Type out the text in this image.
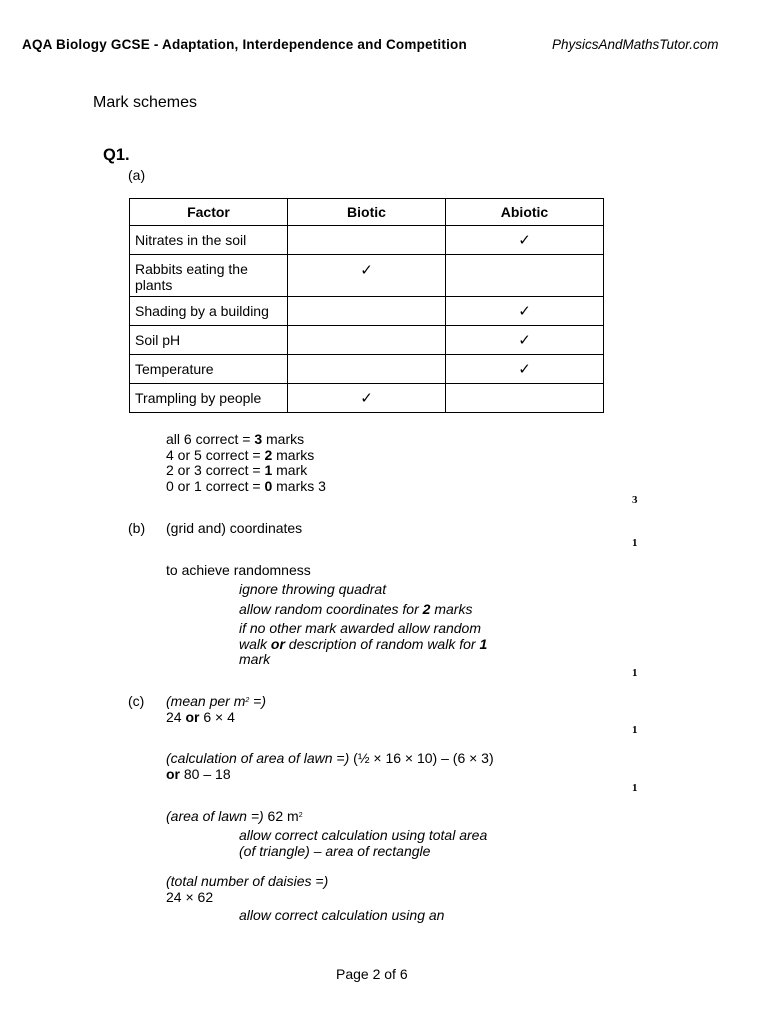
AQA Biology GCSE - Adaptation, Interdependence and Competition	PhysicsAndMathsTutor.com
Mark schemes
Q1.
(a)
Factor	Biotic	Abiotic
Nitrates in the soil		✓
Rabbits eating the plants	✓	
Shading by a building		✓
Soil pH		✓
Temperature		✓
Trampling by people	✓	
all 6 correct = 3 marks
4 or 5 correct = 2 marks
2 or 3 correct = 1 mark
0 or 1 correct = 0 marks 3
3
(b) (grid and) coordinates
1
to achieve randomness
ignore throwing quadrat
allow random coordinates for 2 marks
if no other mark awarded allow random
walk or description of random walk for 1
mark
1
(c) (mean per $m^2$ =)
24 or 6 × 4
1
(calculation of area of lawn =) (½ × 16 × 10) – (6 × 3)
or 80 – 18
1
(area of lawn =) 62 $m^2$
allow correct calculation using total area
(of triangle) – area of rectangle
(total number of daisies =)
24 × 62
allow correct calculation using an
Page 2 of 6
